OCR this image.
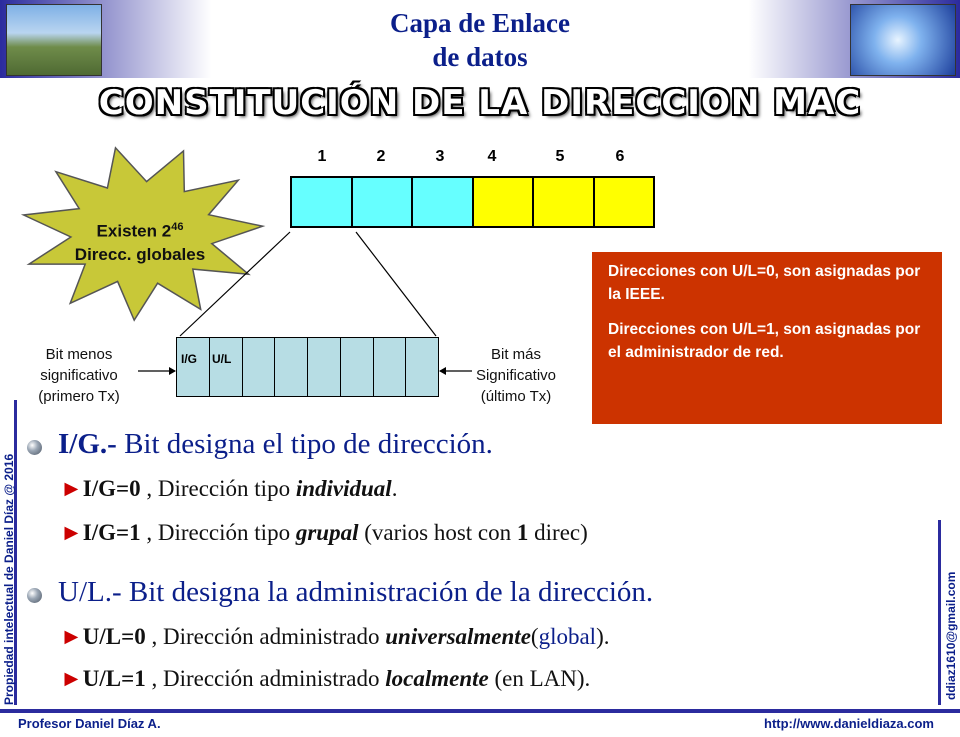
Capa de Enlace
de datos
CONSTITUCIÓN DE LA DIRECCION MAC
Existen $2^{46}$
Direcc. globales
1	2	3	4	5	6
I/G U/L
Bit menos
significativo
(primero Tx)
Bit más
Significativo
(último Tx)

Direcciones con U/L=0, son asignadas por la IEEE.

Direcciones con U/L=1, son asignadas por el administrador de red.

I/G.- Bit designa el tipo de dirección.
►I/G=0 , Dirección tipo individual.
►I/G=1 , Dirección tipo grupal (varios host con 1 direc)
U/L.- Bit designa la administración de la dirección.
►U/L=0 , Dirección administrado universalmente(global).
►U/L=1 , Dirección administrado localmente (en LAN).
Propiedad intelectual de Daniel Díaz @ 2016	ddiaz1610@gmail.com
Profesor Daniel Díaz A.	http://www.danieldiaza.com
